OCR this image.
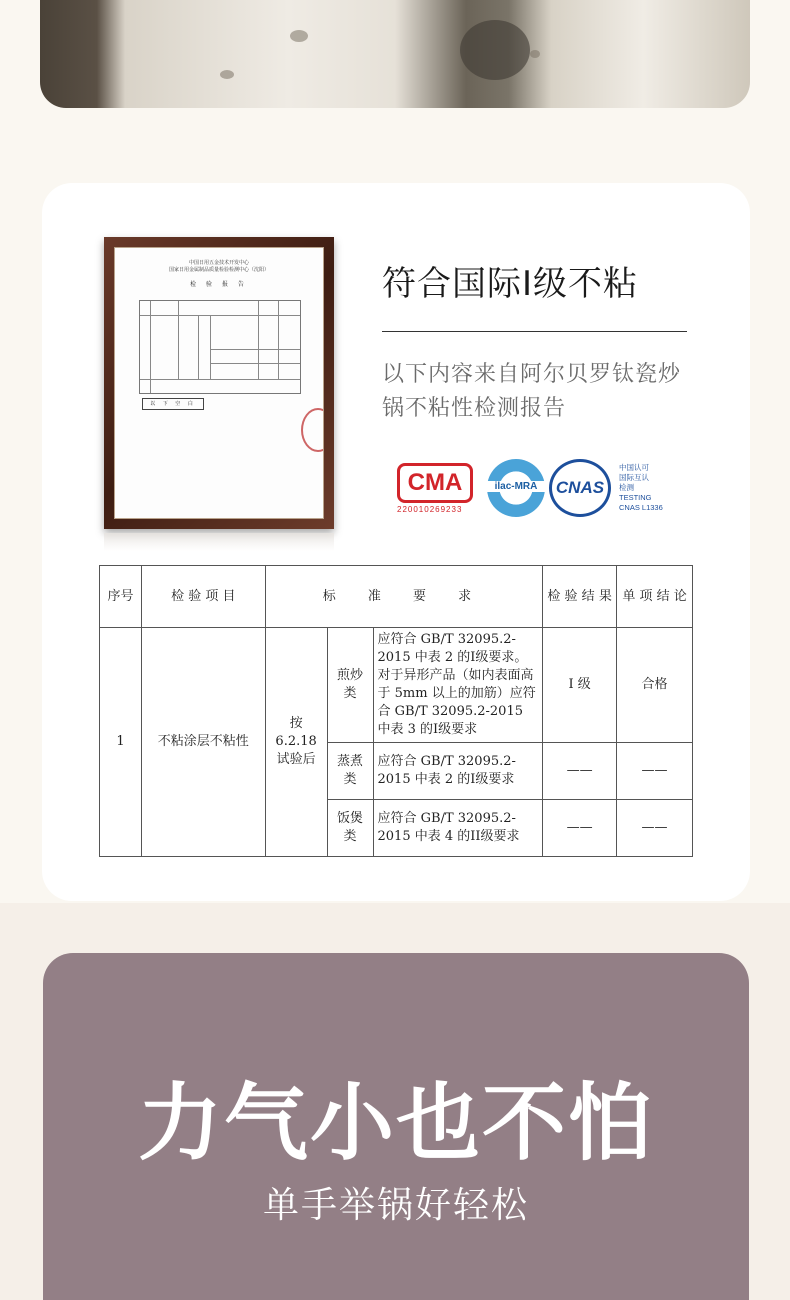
中国日用五金技术开发中心
国家日用金属制品质量检验检测中心（沈阳）
检 验 报 告
以 下 空 白
符合国际I级不粘
以下内容来自阿尔贝罗钛瓷炒锅不粘性检测报告
CMA
220010269233
ilac-MRA	CNAS
中国认可
国际互认
检测
TESTING
CNAS L1336
序号	检 验 项 目	标 准 要 求			检 验 结 果	单 项 结 论
1	不粘涂层不粘性	按 6.2.18 试验后	煎炒类	应符合 GB/T 32095.2-2015 中表 2 的I级要求。对于异形产品（如内表面高于 5mm 以上的加筋）应符合 GB/T 32095.2-2015 中表 3 的I级要求	I 级	合格
			蒸煮类	应符合 GB/T 32095.2-2015 中表 2 的I级要求	——	——
			饭煲类	应符合 GB/T 32095.2-2015 中表 4 的II级要求	——	——
力气小也不怕
单手举锅好轻松
